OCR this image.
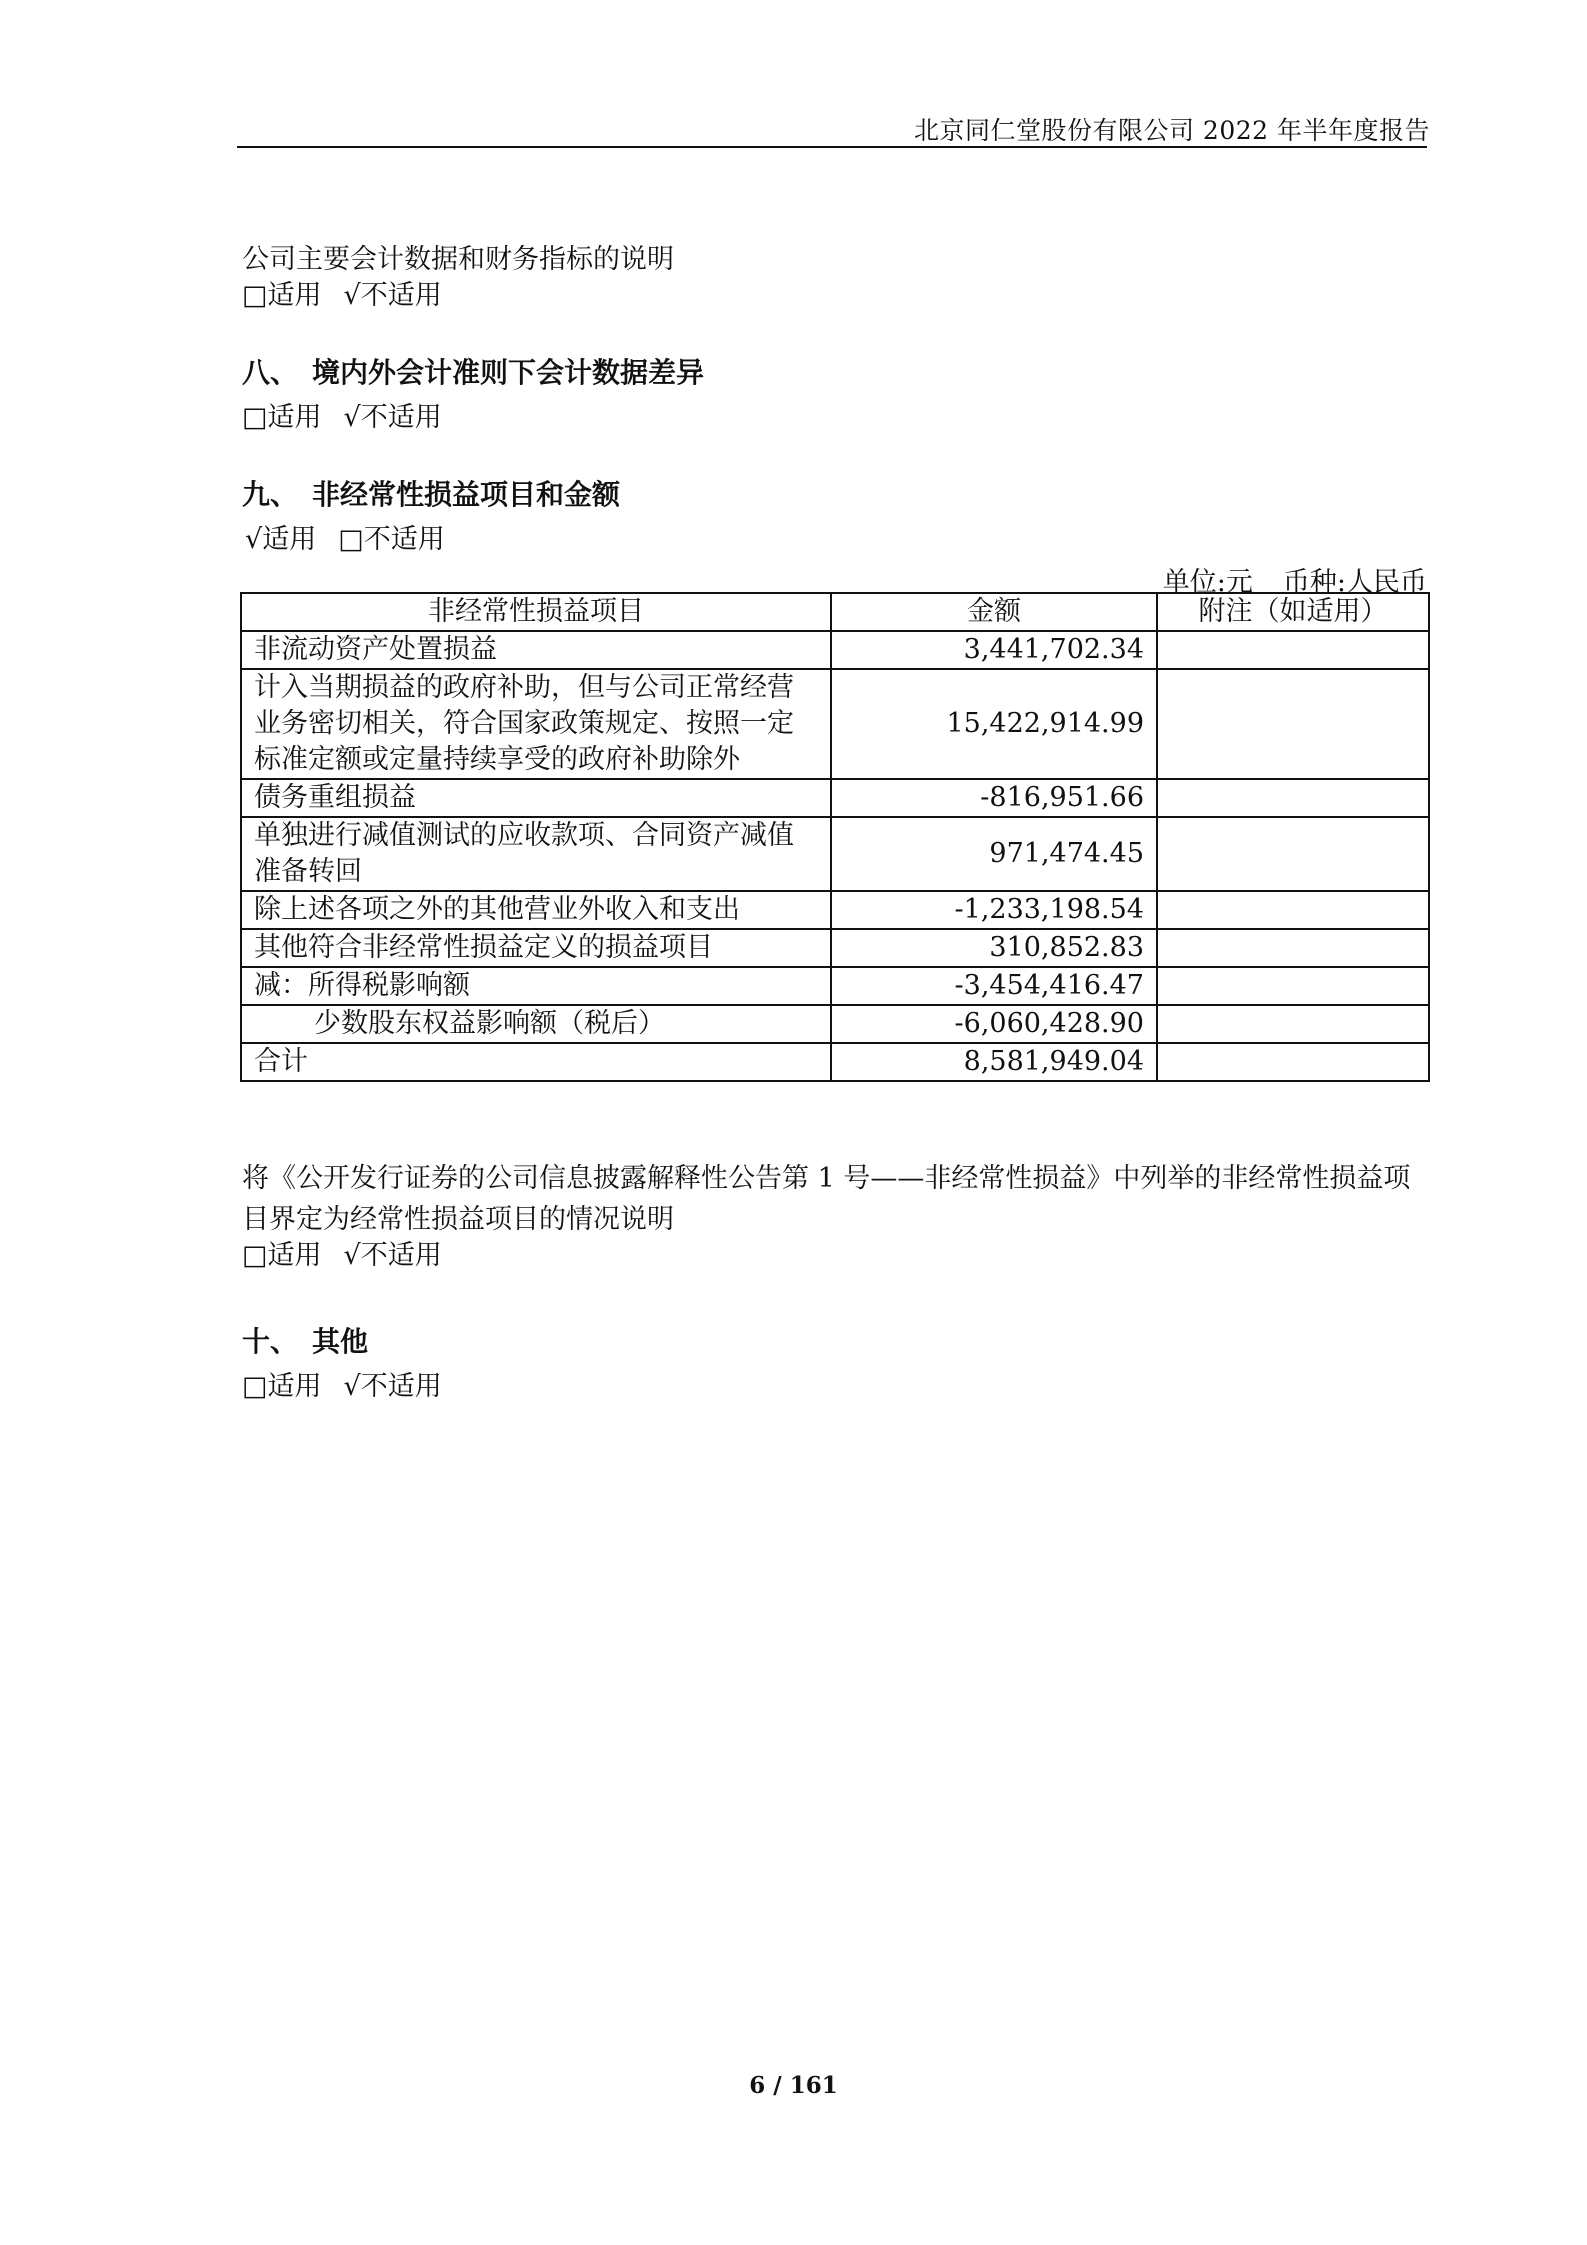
北京同仁堂股份有限公司 2022 年半年度报告
公司主要会计数据和财务指标的说明
□适用 √不适用
八、 境内外会计准则下会计数据差异
□适用 √不适用
九、 非经常性损益项目和金额
√适用 □不适用
单位:元 币种:人民币
非经常性损益项目	金额	附注（如适用）
非流动资产处置损益	3,441,702.34	
计入当期损益的政府补助，但与公司正常经营业务密切相关，符合国家政策规定、按照一定标准定额或定量持续享受的政府补助除外	15,422,914.99	
债务重组损益	-816,951.66	
单独进行减值测试的应收款项、合同资产减值准备转回	971,474.45	
除上述各项之外的其他营业外收入和支出	-1,233,198.54	
其他符合非经常性损益定义的损益项目	310,852.83	
减：所得税影响额	-3,454,416.47	
少数股东权益影响额（税后）	-6,060,428.90	
合计	8,581,949.04	
将《公开发行证券的公司信息披露解释性公告第 1 号——非经常性损益》中列举的非经常性损益项目界定为经常性损益项目的情况说明
□适用 √不适用
十、 其他
□适用 √不适用
6 / 161
